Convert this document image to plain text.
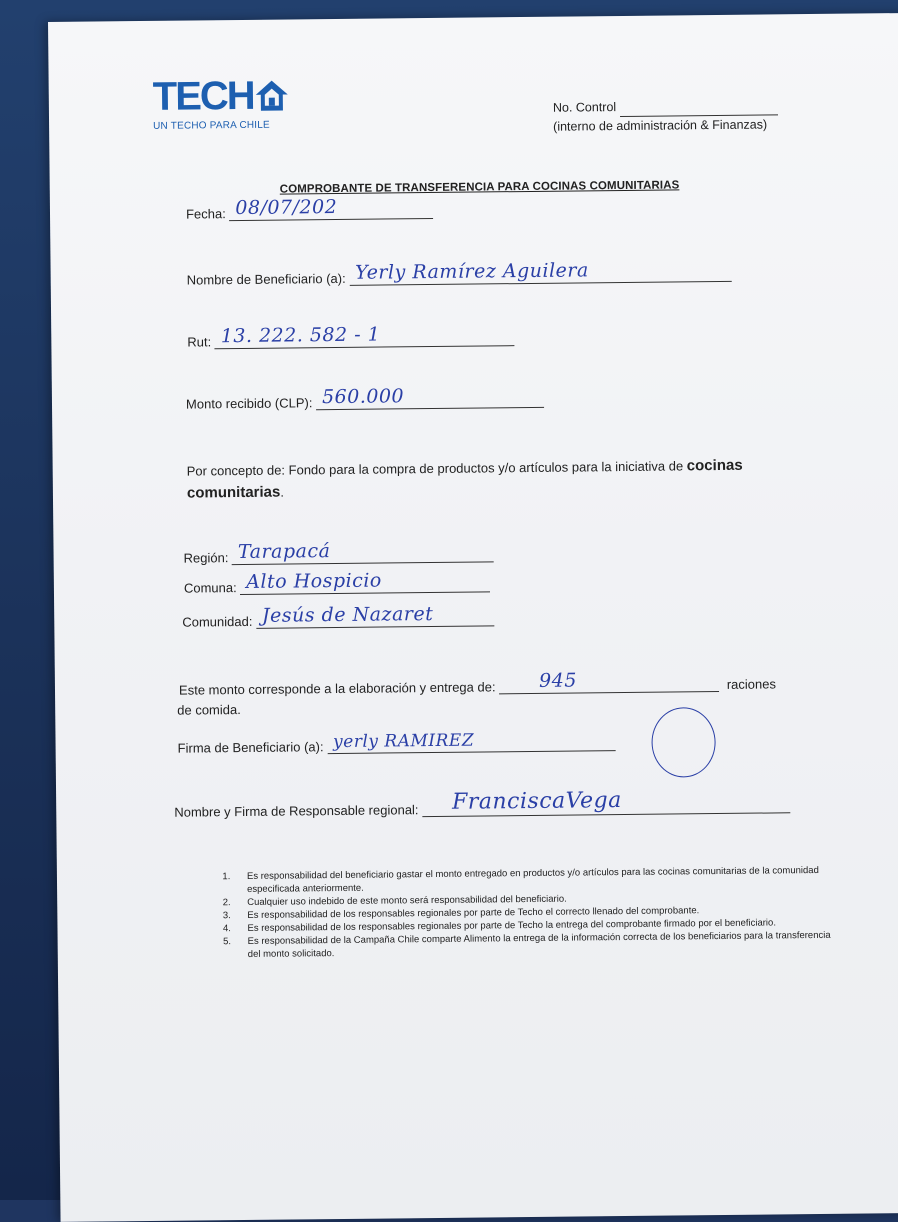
TECH
UN TECHO PARA CHILE
No. Control
(interno de administración & Finanzas)
COMPROBANTE DE TRANSFERENCIA PARA COCINAS COMUNITARIAS
Fecha: 08/07/202
Nombre de Beneficiario (a): Yerly Ramírez Aguilera
Rut: 13. 222. 582 - 1
Monto recibido (CLP): 560.000
Por concepto de: Fondo para la compra de productos y/o artículos para la iniciativa de cocinas comunitarias.
Región: Tarapacá
Comuna: Alto Hospicio
Comunidad: Jesús de Nazaret
Este monto corresponde a la elaboración y entrega de: 945	raciones
de comida.
Firma de Beneficiario (a): yerly RAMIREZ
Nombre y Firma de Responsable regional: FranciscaVega
1. Es responsabilidad del beneficiario gastar el monto entregado en productos y/o artículos para las cocinas comunitarias de la comunidad especificada anteriormente.
2. Cualquier uso indebido de este monto será responsabilidad del beneficiario.
3. Es responsabilidad de los responsables regionales por parte de Techo el correcto llenado del comprobante.
4. Es responsabilidad de los responsables regionales por parte de Techo la entrega del comprobante firmado por el beneficiario.
5. Es responsabilidad de la Campaña Chile comparte Alimento la entrega de la información correcta de los beneficiarios para la transferencia del monto solicitado.
